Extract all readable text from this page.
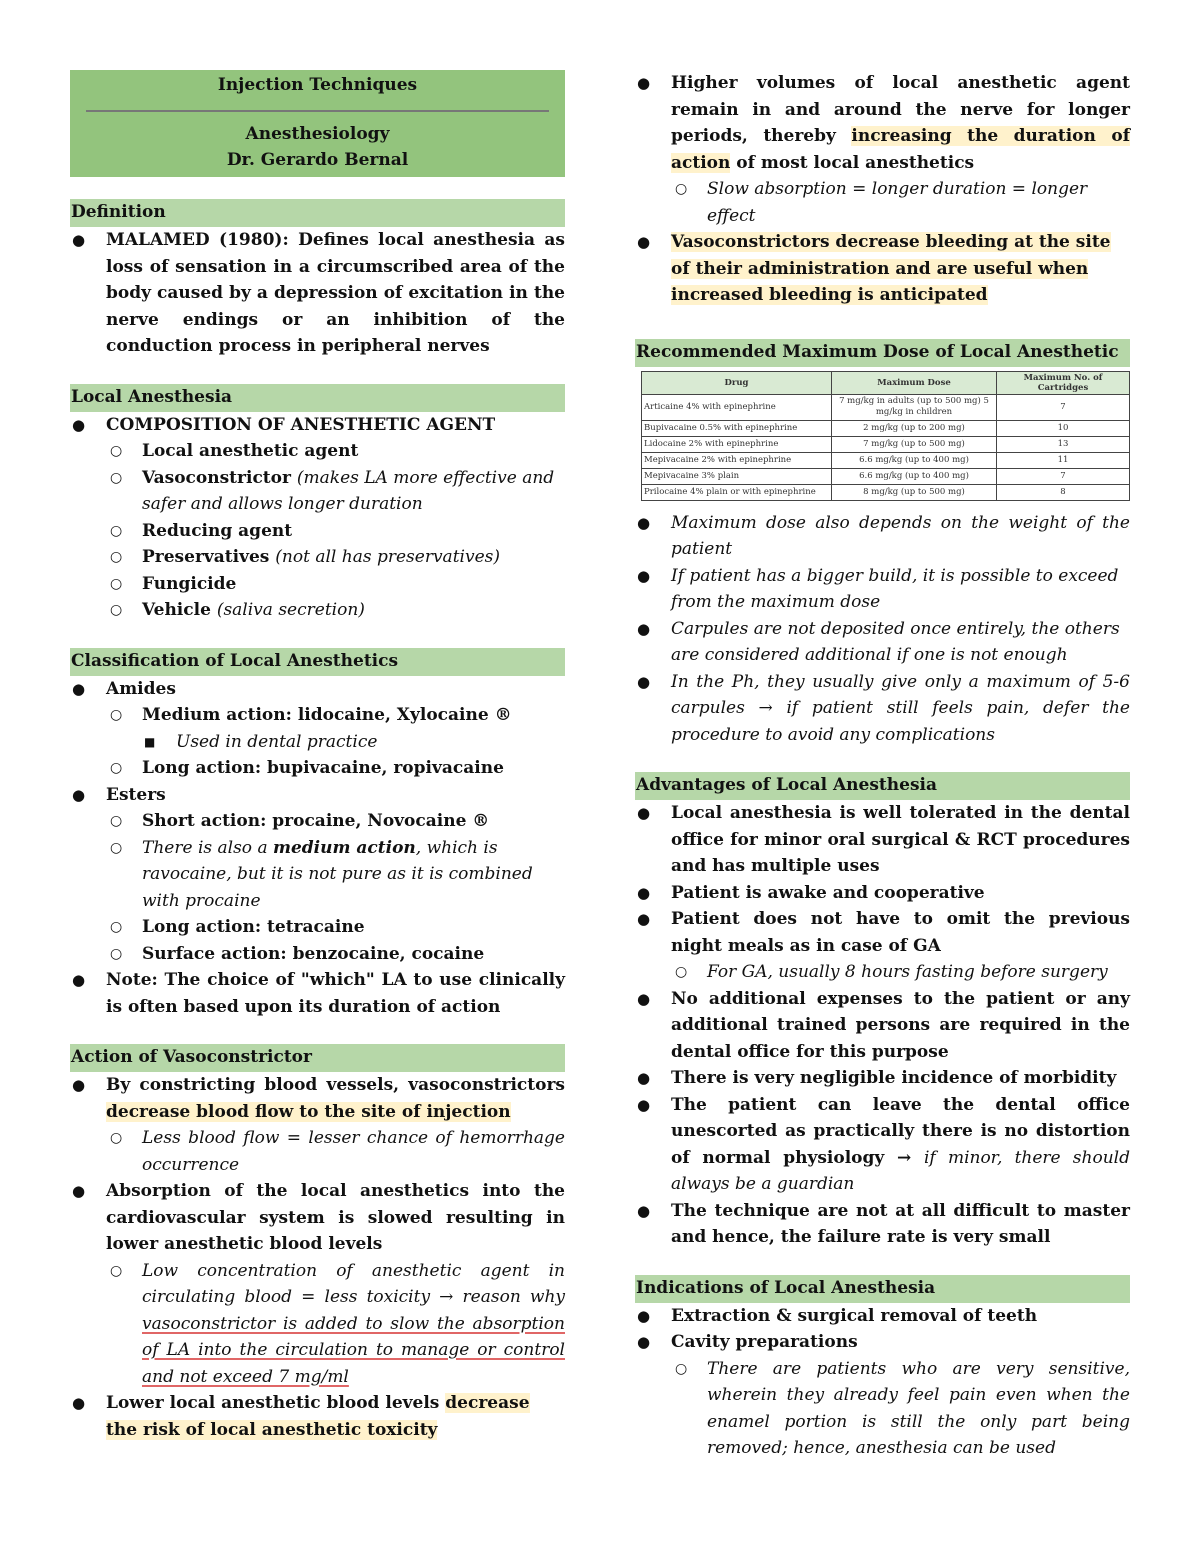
Injection Techniques
Anesthesiology
Dr. Gerardo Bernal
Definition
● MALAMED (1980): Defines local anesthesia as loss of sensation in a circumscribed area of the body caused by a depression of excitation in the nerve endings or an inhibition of the conduction process in peripheral nerves
Local Anesthesia
● COMPOSITION OF ANESTHETIC AGENT
○ Local anesthetic agent
○ Vasoconstrictor (makes LA more effective and safer and allows longer duration
○ Reducing agent
○ Preservatives (not all has preservatives)
○ Fungicide
○ Vehicle (saliva secretion)
Classification of Local Anesthetics
● Amides
○ Medium action: lidocaine, Xylocaine ®
■ Used in dental practice
○ Long action: bupivacaine, ropivacaine
● Esters
○ Short action: procaine, Novocaine ®
○ There is also a medium action, which is ravocaine, but it is not pure as it is combined with procaine
○ Long action: tetracaine
○ Surface action: benzocaine, cocaine
● Note: The choice of "which" LA to use clinically is often based upon its duration of action
Action of Vasoconstrictor
● By constricting blood vessels, vasoconstrictors decrease blood flow to the site of injection
○ Less blood flow = lesser chance of hemorrhage occurrence
● Absorption of the local anesthetics into the cardiovascular system is slowed resulting in lower anesthetic blood levels
○ Low concentration of anesthetic agent in circulating blood = less toxicity → reason why vasoconstrictor is added to slow the absorption of LA into the circulation to manage or control and not exceed 7 mg/ml
● Lower local anesthetic blood levels decrease the risk of local anesthetic toxicity
● Higher volumes of local anesthetic agent remain in and around the nerve for longer periods, thereby increasing the duration of action of most local anesthetics
○ Slow absorption = longer duration = longer effect
● Vasoconstrictors decrease bleeding at the site of their administration and are useful when increased bleeding is anticipated
Recommended Maximum Dose of Local Anesthetic
Drug	Maximum Dose	Maximum No. of Cartridges
Articaine 4% with epinephrine	7 mg/kg in adults (up to 500 mg) 5 mg/kg in children	7
Bupivacaine 0.5% with epinephrine	2 mg/kg (up to 200 mg)	10
Lidocaine 2% with epinephrine	7 mg/kg (up to 500 mg)	13
Mepivacaine 2% with epinephrine	6.6 mg/kg (up to 400 mg)	11
Mepivacaine 3% plain	6.6 mg/kg (up to 400 mg)	7
Prilocaine 4% plain or with epinephrine	8 mg/kg (up to 500 mg)	8
● Maximum dose also depends on the weight of the patient
● If patient has a bigger build, it is possible to exceed from the maximum dose
● Carpules are not deposited once entirely, the others are considered additional if one is not enough
● In the Ph, they usually give only a maximum of 5-6 carpules → if patient still feels pain, defer the procedure to avoid any complications
Advantages of Local Anesthesia
● Local anesthesia is well tolerated in the dental office for minor oral surgical & RCT procedures and has multiple uses
● Patient is awake and cooperative
● Patient does not have to omit the previous night meals as in case of GA
○ For GA, usually 8 hours fasting before surgery
● No additional expenses to the patient or any additional trained persons are required in the dental office for this purpose
● There is very negligible incidence of morbidity
● The patient can leave the dental office unescorted as practically there is no distortion of normal physiology → if minor, there should always be a guardian
● The technique are not at all difficult to master and hence, the failure rate is very small
Indications of Local Anesthesia
● Extraction & surgical removal of teeth
● Cavity preparations
○ There are patients who are very sensitive, wherein they already feel pain even when the enamel portion is still the only part being removed; hence, anesthesia can be used
